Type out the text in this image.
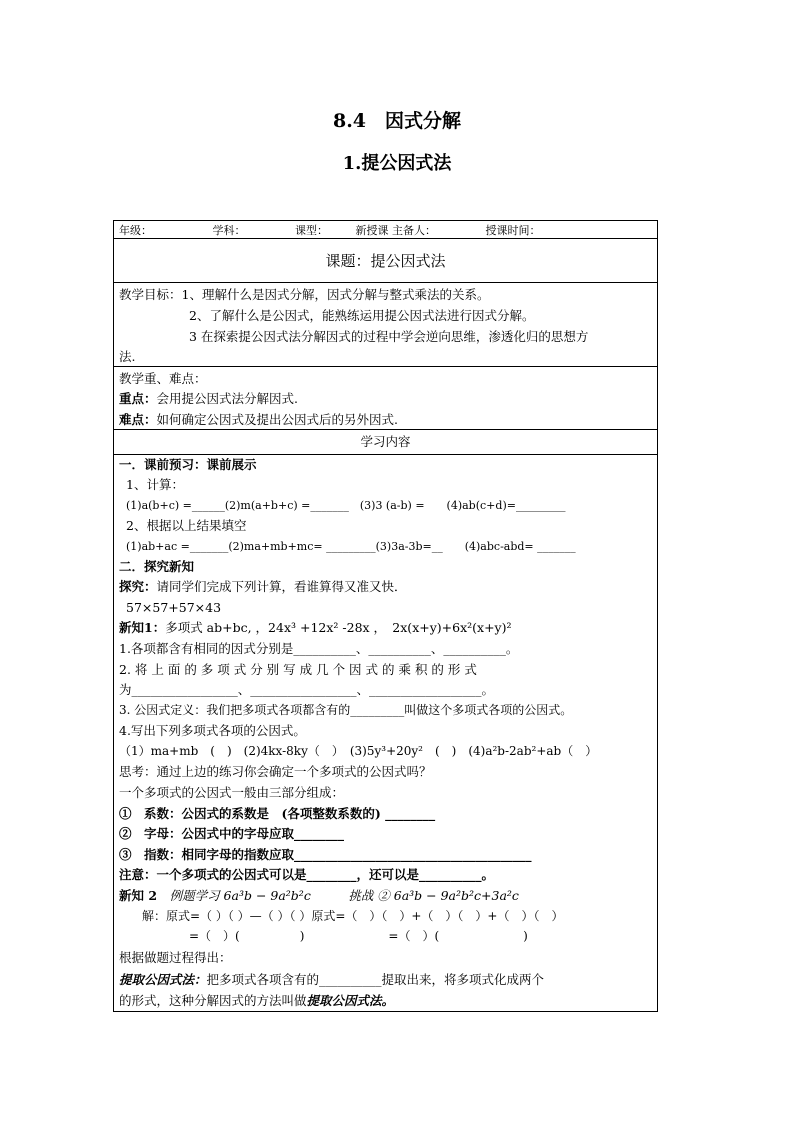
8.4　因式分解
1.提公因式法
年级：　　　　　　学科：　　　　　课型：　　　新授课 主备人：　　　　　授课时间：
课题：提公因式法
教学目标：1、理解什么是因式分解，因式分解与整式乘法的关系。
2、了解什么是公因式，能熟练运用提公因式法进行因式分解。
3 在探索提公因式法分解因式的过程中学会逆向思维，渗透化归的思想方
法.
教学重、难点：
重点：会用提公因式法分解因式.
难点：如何确定公因式及提出公因式后的另外因式.
学习内容
一．课前预习：课前展示
1、计算：
(1)a(b+c) =______(2)m(a+b+c) =_______　(3)3 (a-b) =　　(4)ab(c+d)=_________
2、根据以上结果填空
(1)ab+ac =_______(2)ma+mb+mc= _________(3)3a-3b=__　　(4)abc-abd= _______
二．探究新知
探究：请同学们完成下列计算，看谁算得又准又快．
57×57+57×43
新知1：多项式 ab+bc, ，24x³ +12x² -28x ，　2x(x+y)+6x²(x+y)²
1.各项都含有相同的因式分别是__________、__________、__________。
2. 将 上 面 的 多 项 式 分 别 写 成 几 个 因 式 的 乘 积 的 形 式
为_________________、_________________、__________________。
3. 公因式定义：我们把多项式各项都含有的_________叫做这个多项式各项的公因式。
4.写出下列多项式各项的公因式。
（1）ma+mb　(　)　(2)4kx-8ky（　）　(3)5y³+20y²　(　)　(4)a²b-2ab²+ab（　）
思考：通过上边的练习你会确定一个多项式的公因式吗？
一个多项式的公因式一般由三部分组成：
①　系数：公因式的系数是　(各项整数系数的) ________
②　字母：公因式中的字母应取________
③　指数：相同字母的指数应取______________________________________
注意：一个多项式的公因式可以是________，还可以是__________。
新知 2　 例题学习 6a³b − 9a²b²c　　　挑战 ② 6a³b − 9a²b²c+3a²c
解：原式=（ ）（ ）—（ ）（ ）原式=（　）（　）+（　）（　）+（　）（　）
=（　）(　　　　　)　　　　　　　=（　）(　　　　　　　)
根据做题过程得出：
提取公因式法：把多项式各项含有的__________提取出来，将多项式化成两个
的形式，这种分解因式的方法叫做提取公因式法。
